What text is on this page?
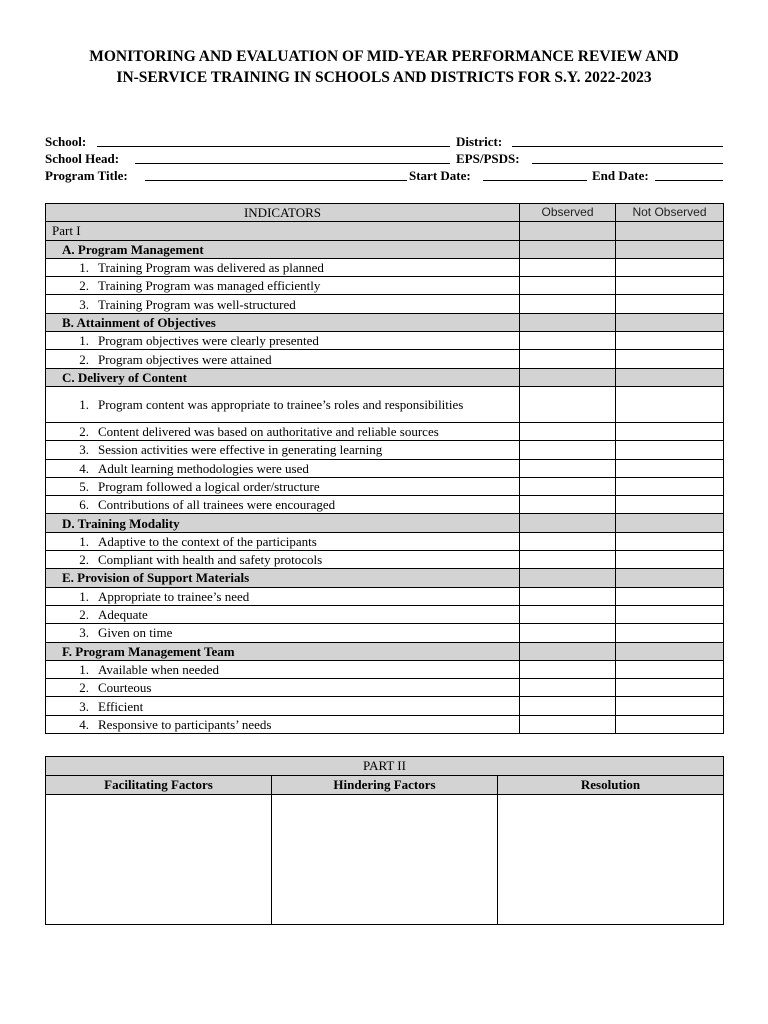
MONITORING AND EVALUATION OF MID-YEAR PERFORMANCE REVIEW AND
IN-SERVICE TRAINING IN SCHOOLS AND DISTRICTS FOR S.Y. 2022-2023
School:	District:
School Head:	EPS/PSDS:
Program Title:	Start Date:	End Date:
INDICATORS	Observed	Not Observed
Part I		
A. Program Management		

1. Training Program was delivered as planned		

2. Training Program was managed efficiently		

3. Training Program was well-structured		

B. Attainment of Objectives		

1. Program objectives were clearly presented		

2. Program objectives were attained		

C. Delivery of Content		

1. Program content was appropriate to trainee’s roles and responsibilities		

2. Content delivered was based on authoritative and reliable sources		

3. Session activities were effective in generating learning		

4. Adult learning methodologies were used		

5. Program followed a logical order/structure		

6. Contributions of all trainees were encouraged		

D. Training Modality		

1. Adaptive to the context of the participants		

2. Compliant with health and safety protocols		

E. Provision of Support Materials		

1. Appropriate to trainee’s need		

2. Adequate		

3. Given on time		

F. Program Management Team		

1. Available when needed		

2. Courteous		

3. Efficient		

4. Responsive to participants’ needs		

PART II		
Facilitating Factors	Hindering Factors	Resolution
